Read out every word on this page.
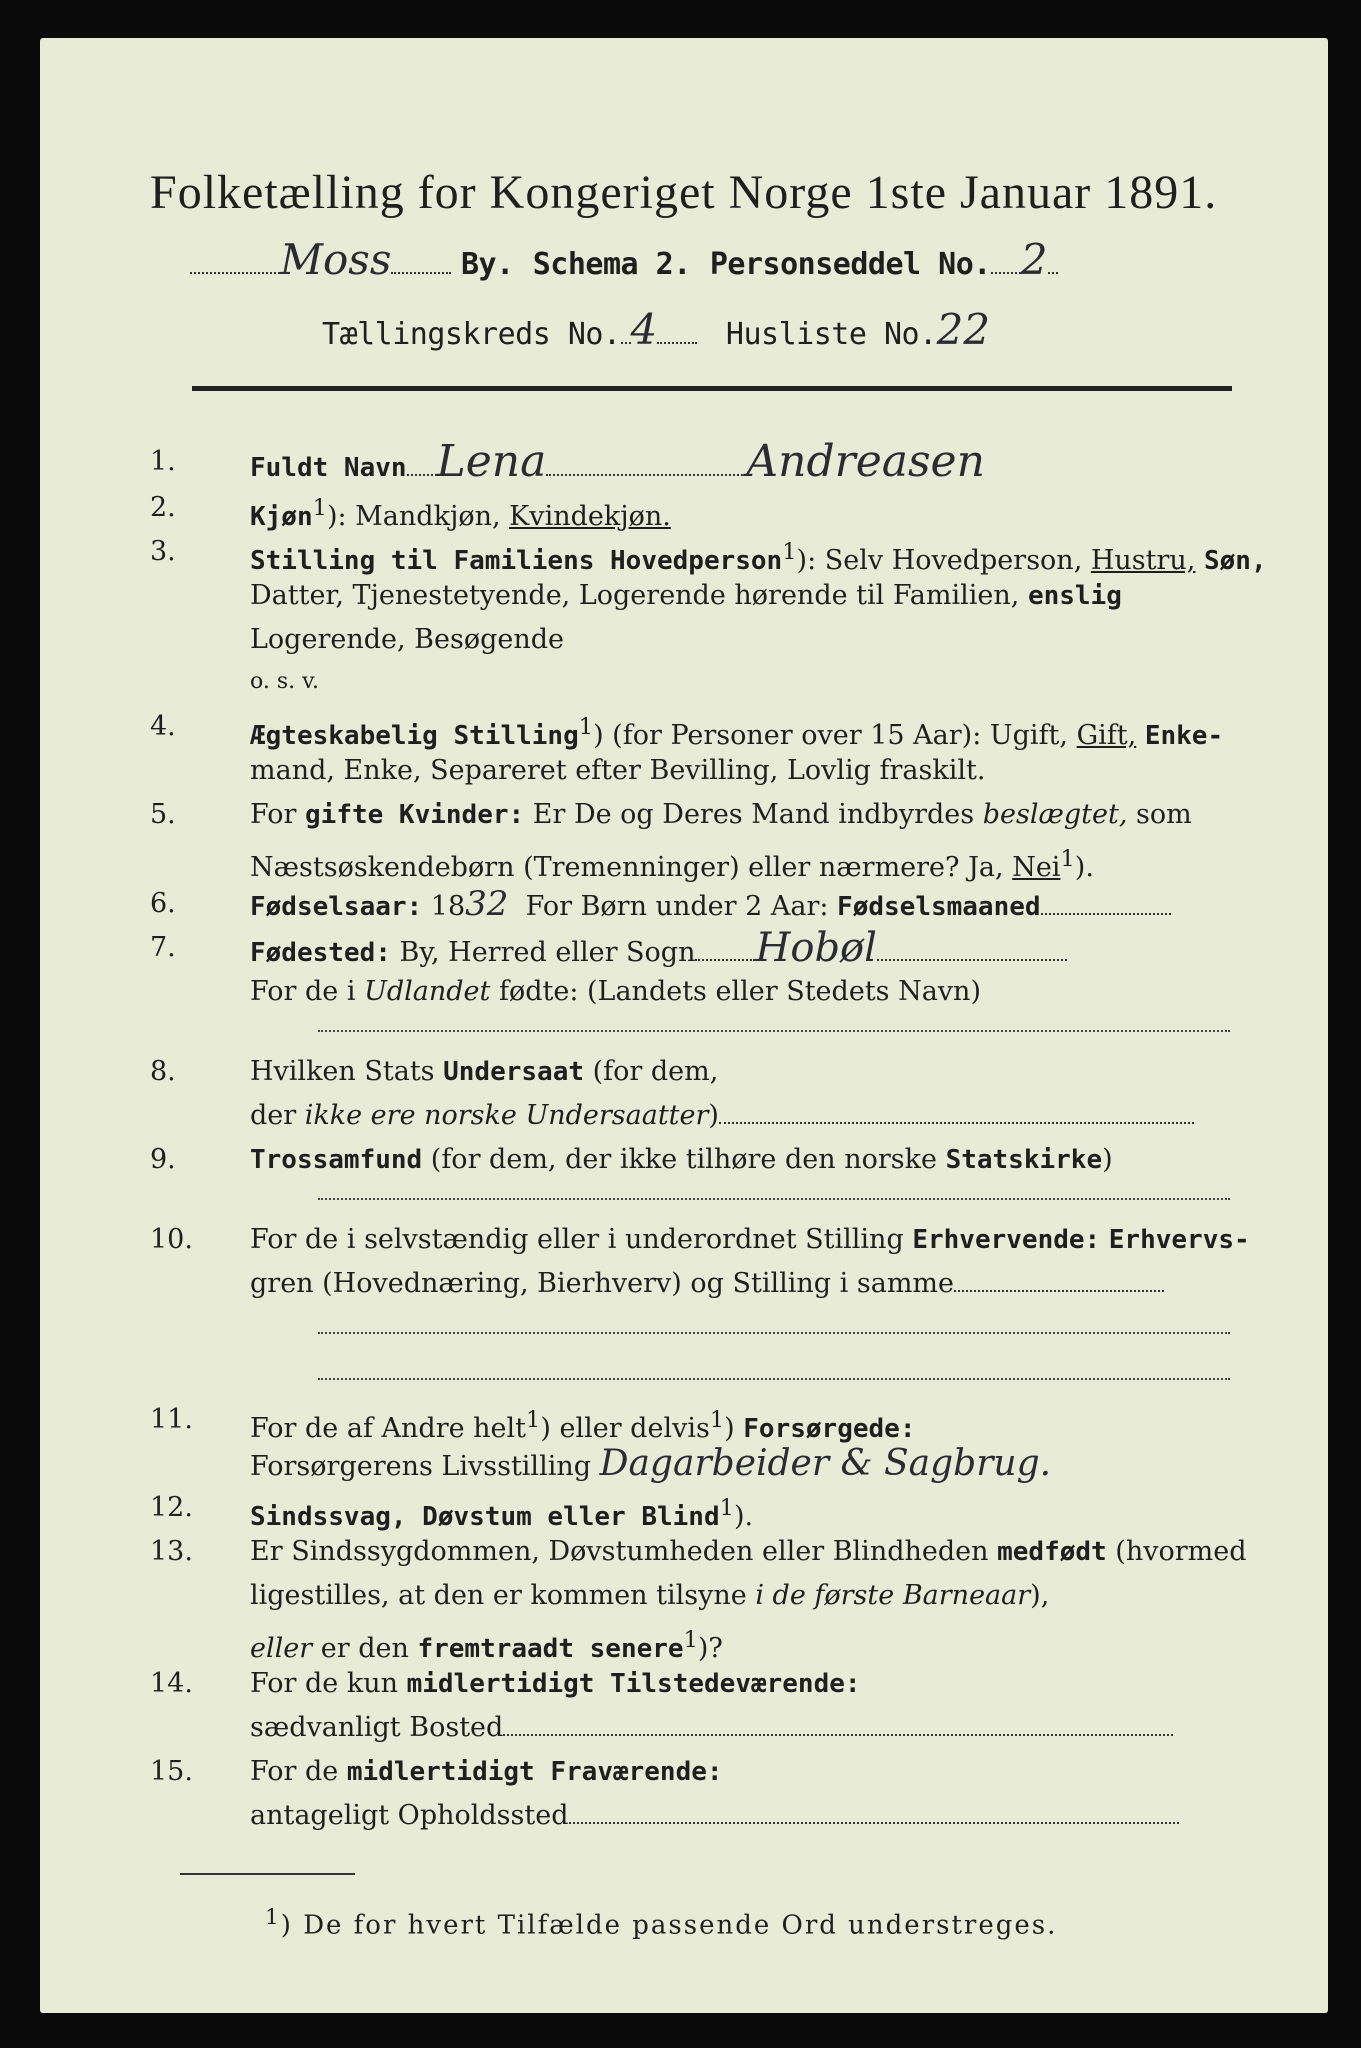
Folketælling for Kongeriget Norge 1ste Januar 1891.
Moss By. Schema 2. Personseddel No. 2
Tællingskreds No. 4 Husliste No.22
1.	Fuldt Navn Lena	Andreasen
2.	Kjøn$^1$): Mandkjøn, Kvindekjøn.
3.	Stilling til Familiens Hovedperson$^1$): Selv Hovedperson, Hustru, Søn,
Datter, Tjenestetyende, Logerende hørende til Familien, enslig
Logerende, Besøgende
o. s. v.
4.	Ægteskabelig Stilling$^1$) (for Personer over 15 Aar): Ugift, Gift, Enke-
mand, Enke, Separeret efter Bevilling, Lovlig fraskilt.
5.	For gifte Kvinder: Er De og Deres Mand indbyrdes beslægtet, som
Næstsøskendebørn (Tremenninger) eller nærmere? Ja, Nei$^1$).
6.	Fødselsaar: 1832 For Børn under 2 Aar: Fødselsmaaned
7.	Fødested: By, Herred eller Sogn Hobøl
For de i Udlandet fødte: (Landets eller Stedets Navn)
8.	Hvilken Stats Undersaat (for dem,
der ikke ere norske Undersaatter)
9.	Trossamfund (for dem, der ikke tilhøre den norske Statskirke)
10.	For de i selvstændig eller i underordnet Stilling Erhvervende: Erhvervs-
gren (Hovednæring, Bierhverv) og Stilling i samme
11.	For de af Andre helt$^1$) eller delvis$^1$) Forsørgede:
Forsørgerens Livsstilling Dagarbeider & Sagbrug.
12.	Sindssvag, Døvstum eller Blind$^1$).
13.	Er Sindssygdommen, Døvstumheden eller Blindheden medfødt (hvormed
ligestilles, at den er kommen tilsyne i de første Barneaar),
eller er den fremtraadt senere$^1$)?
14.	For de kun midlertidigt Tilstedeværende:
sædvanligt Bosted
15.	For de midlertidigt Fraværende:
antageligt Opholdssted
$^1$) De for hvert Tilfælde passende Ord understreges.
